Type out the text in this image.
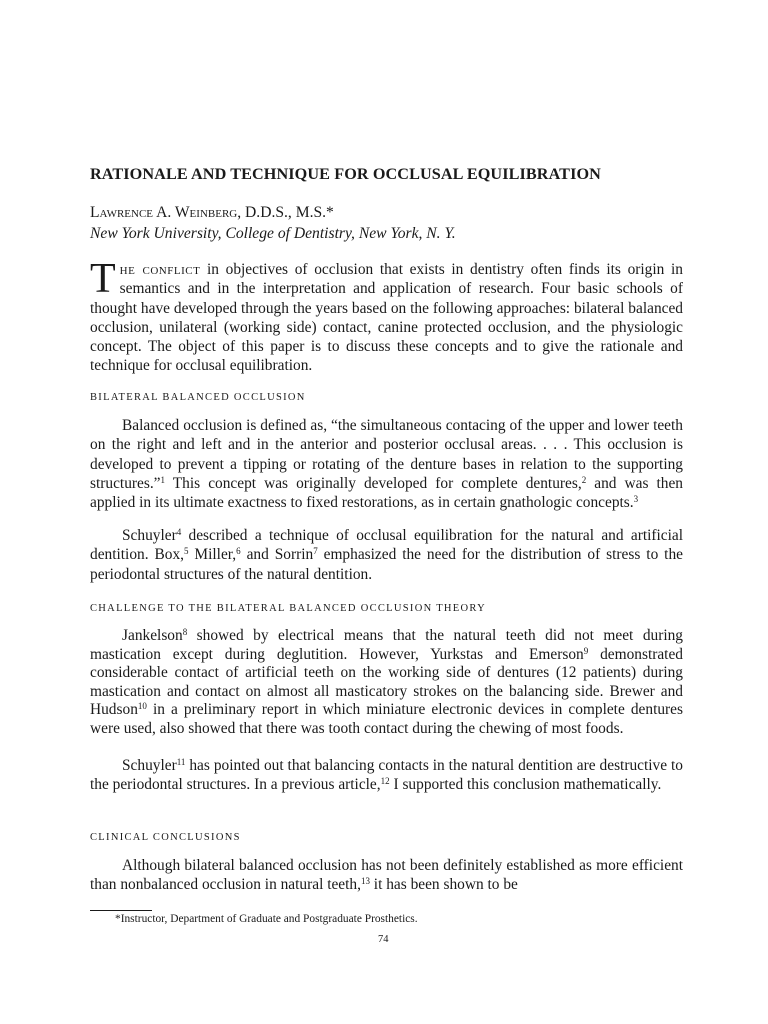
RATIONALE AND TECHNIQUE FOR OCCLUSAL EQUILIBRATION
Lawrence A. Weinberg, D.D.S., M.S.*
New York University, College of Dentistry, New York, N. Y.

The conflict in objectives of occlusion that exists in dentistry often finds its origin in semantics and in the interpretation and application of research. Four basic schools of thought have developed through the years based on the following approaches: bilateral balanced occlusion, unilateral (working side) contact, canine protected occlusion, and the physiologic concept. The object of this paper is to discuss these concepts and to give the rationale and technique for occlusal equilibration.

BILATERAL BALANCED OCCLUSION

Balanced occlusion is defined as, “the simultaneous contacing of the upper and lower teeth on the right and left and in the anterior and posterior occlusal areas. . . . This occlusion is developed to prevent a tipping or rotating of the denture bases in relation to the supporting structures.”$^1$ This concept was originally developed for complete dentures,$^2$ and was then applied in its ultimate exactness to fixed restorations, as in certain gnathologic concepts.$^3$

Schuyler$^4$ described a technique of occlusal equilibration for the natural and artificial dentition. Box,$^5$ Miller,$^6$ and Sorrin$^7$ emphasized the need for the distribution of stress to the periodontal structures of the natural dentition.

CHALLENGE TO THE BILATERAL BALANCED OCCLUSION THEORY

Jankelson$^8$ showed by electrical means that the natural teeth did not meet during mastication except during deglutition. However, Yurkstas and Emerson$^9$ demonstrated considerable contact of artificial teeth on the working side of dentures (12 patients) during mastication and contact on almost all masticatory strokes on the balancing side. Brewer and Hudson$^{10}$ in a preliminary report in which miniature electronic devices in complete dentures were used, also showed that there was tooth contact during the chewing of most foods.

Schuyler$^{11}$ has pointed out that balancing contacts in the natural dentition are destructive to the periodontal structures. In a previous article,$^{12}$ I supported this conclusion mathematically.

CLINICAL CONCLUSIONS

Although bilateral balanced occlusion has not been definitely established as more efficient than nonbalanced occlusion in natural teeth,$^{13}$ it has been shown to be

*Instructor, Department of Graduate and Postgraduate Prosthetics.
74
